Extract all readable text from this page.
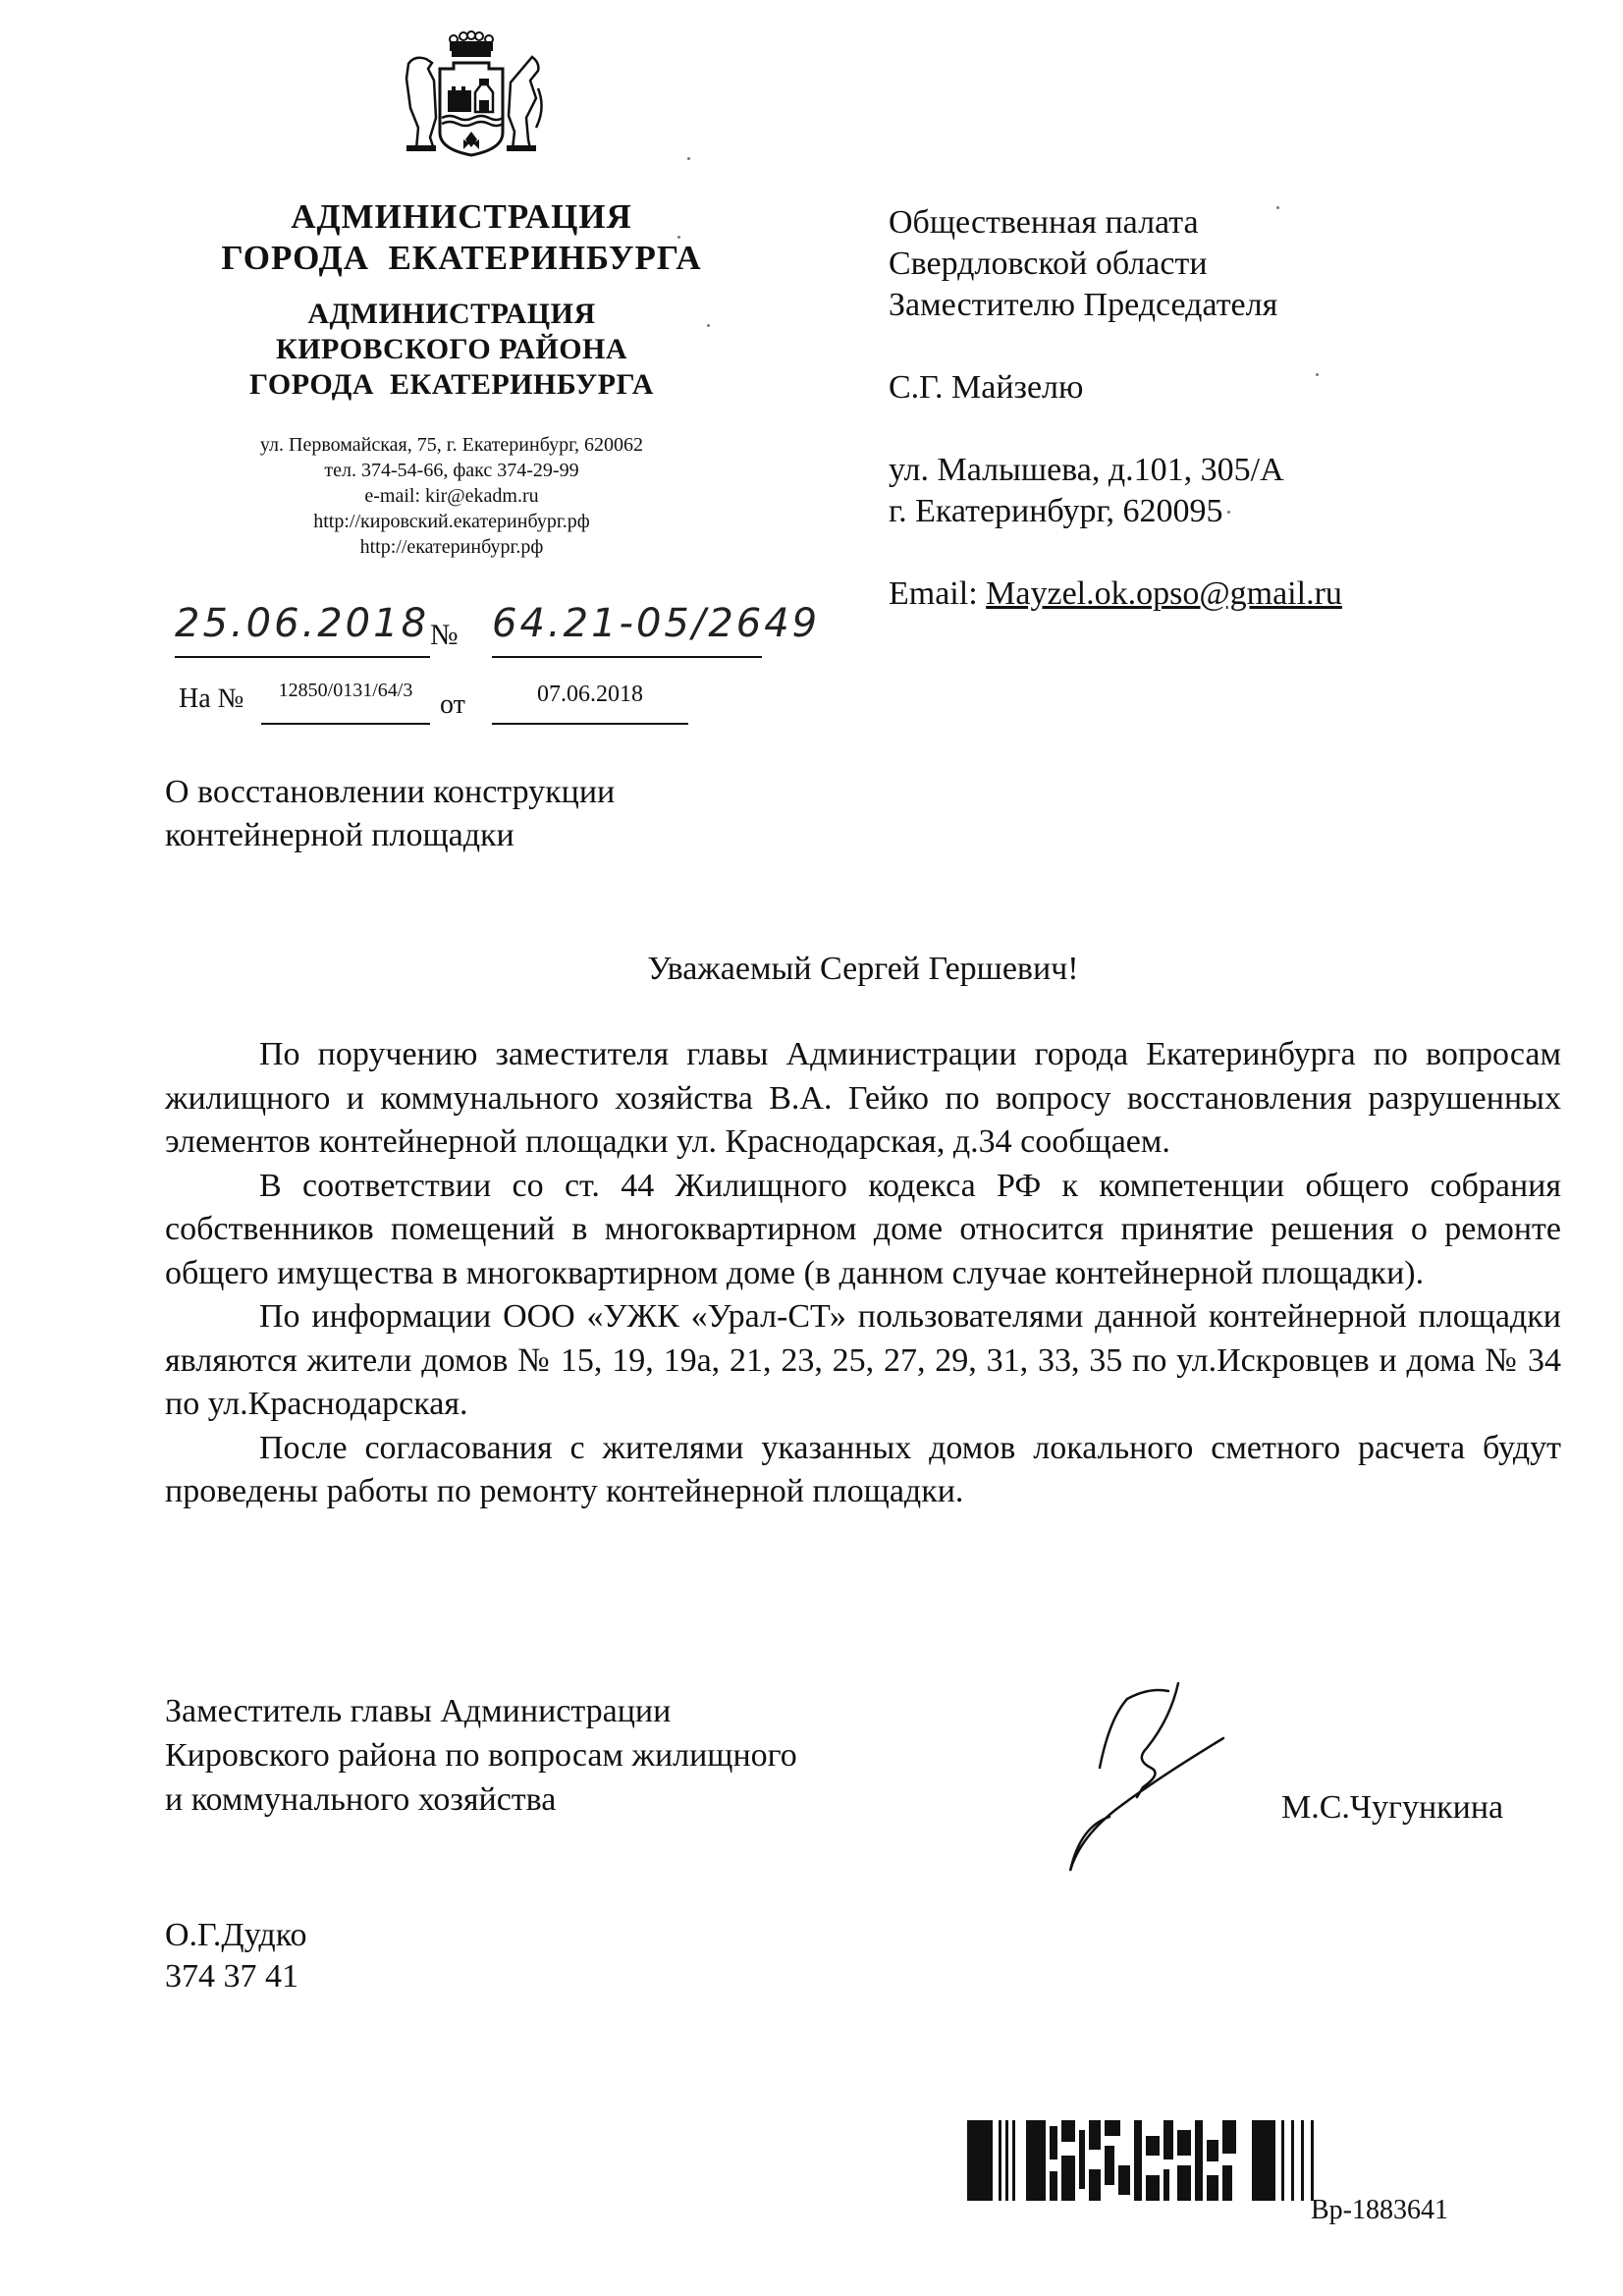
АДМИНИСТРАЦИЯ
ГОРОДА  ЕКАТЕРИНБУРГА
АДМИНИСТРАЦИЯ
КИРОВСКОГО РАЙОНА
ГОРОДА  ЕКАТЕРИНБУРГА
ул. Первомайская, 75, г. Екатеринбург, 620062
тел. 374-54-66, факс 374-29-99
e-mail: kir@ekadm.ru
http://кировский.екатеринбург.рф
http://екатеринбург.рф
25.06.2018 № 64.21-05/2649
На №	12850/0131/64/3 от	07.06.2018
Общественная палата
Свердловской области
Заместителю Председателя
С.Г. Майзелю
ул. Малышева, д.101, 305/А
г. Екатеринбург, 620095
Email: Mayzel.ok.opso@gmail.ru
О восстановлении конструкции
контейнерной площадки
Уважаемый Сергей Гершевич!

По поручению заместителя главы Администрации города Екатеринбурга по вопросам жилищного и коммунального хозяйства В.А. Гейко по вопросу восстановления разрушенных элементов контейнерной площадки ул. Краснодарская, д.34 сообщаем.

В соответствии со ст. 44 Жилищного кодекса РФ к компетенции общего собрания собственников помещений в многоквартирном доме относится принятие решения о ремонте общего имущества в многоквартирном доме (в данном случае контейнерной площадки).

По информации ООО «УЖК «Урал-СТ» пользователями данной контейнерной площадки являются жители домов № 15, 19, 19а, 21, 23, 25, 27, 29, 31, 33, 35 по ул.Искровцев и дома № 34 по ул.Краснодарская.

После согласования с жителями указанных домов локального сметного расчета будут проведены работы по ремонту контейнерной площадки.

Заместитель главы Администрации
Кировского района по вопросам жилищного
и коммунального хозяйства	М.С.Чугункина
О.Г.Дудко
374 37 41
Вр-1883641
